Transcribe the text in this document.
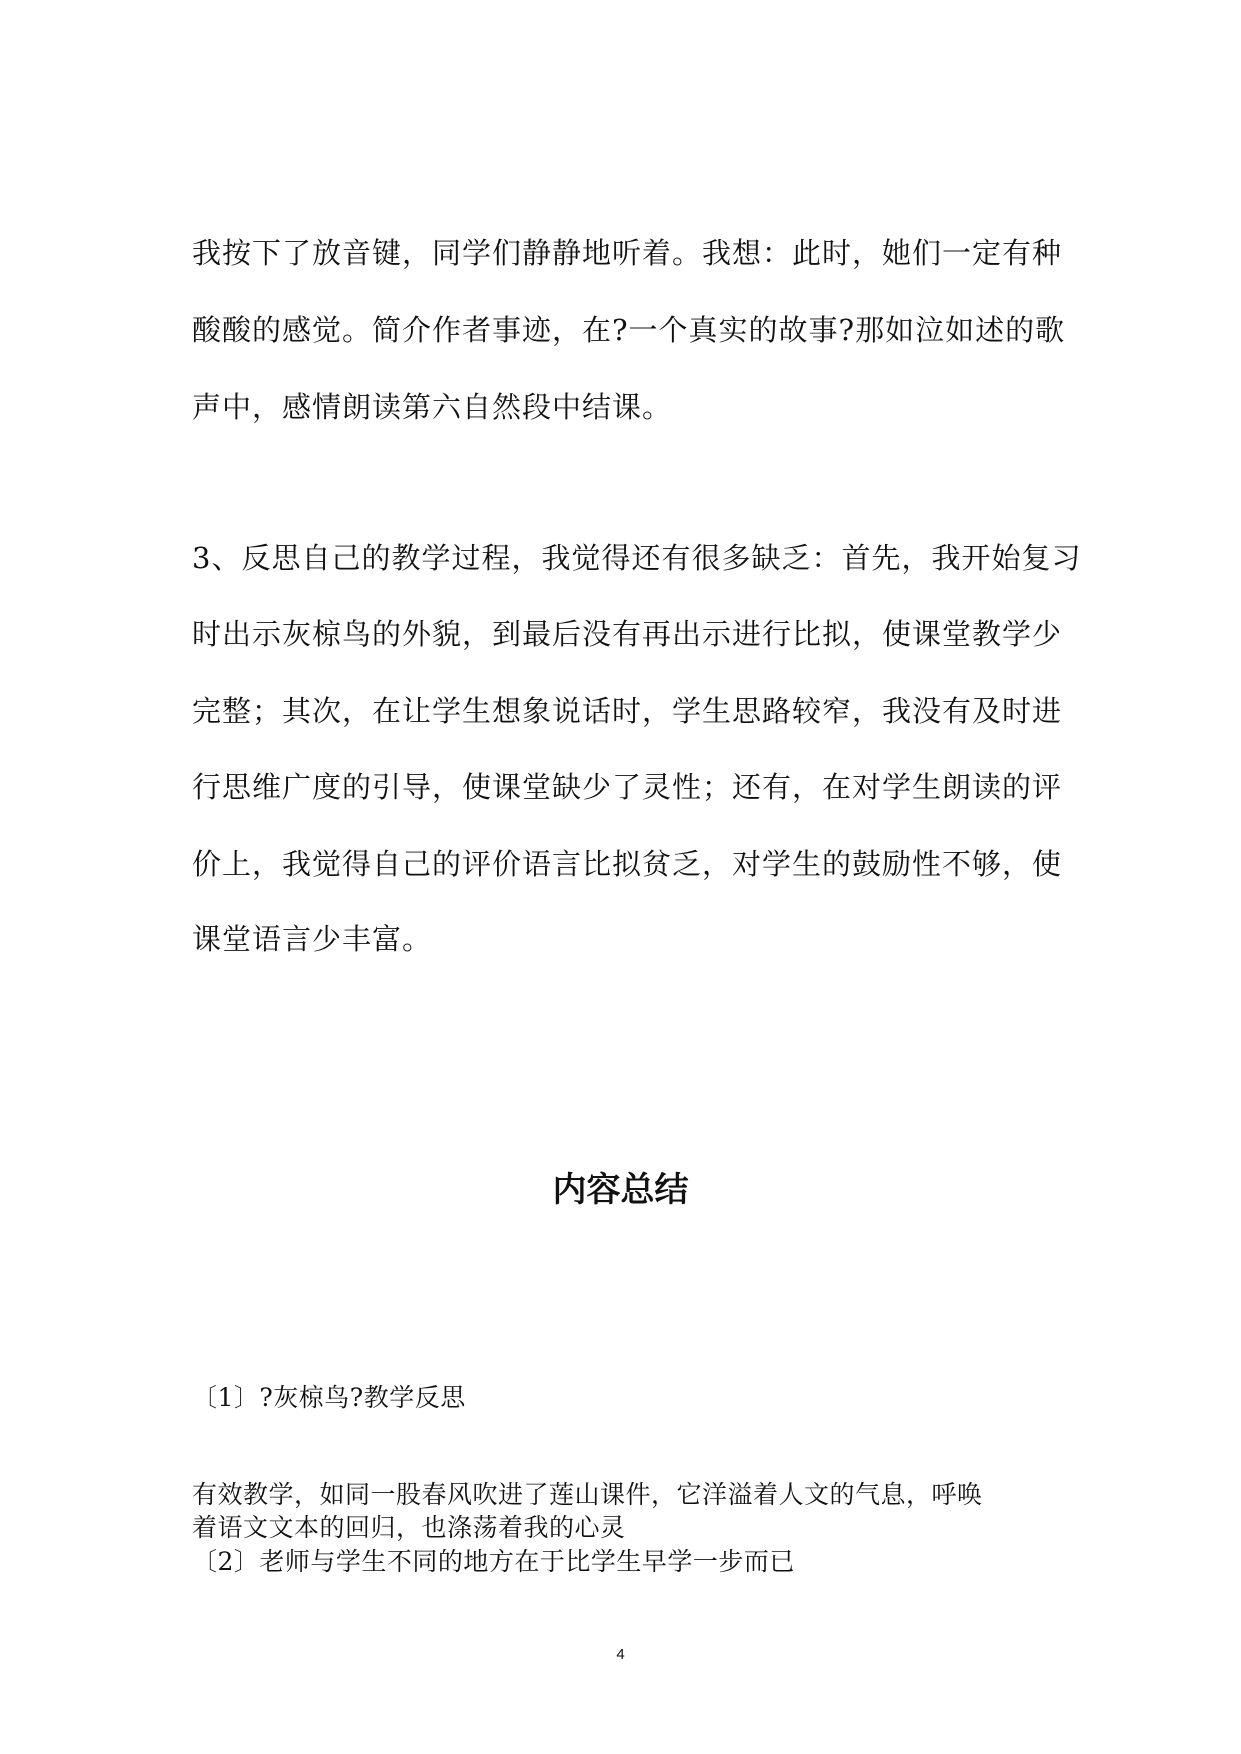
我按下了放音键，同学们静静地听着。我想：此时，她们一定有种
酸酸的感觉。简介作者事迹，在?一个真实的故事?那如泣如述的歌
声中，感情朗读第六自然段中结课。
3、反思自己的教学过程，我觉得还有很多缺乏：首先，我开始复习
时出示灰椋鸟的外貌，到最后没有再出示进行比拟，使课堂教学少
完整；其次，在让学生想象说话时，学生思路较窄，我没有及时进
行思维广度的引导，使课堂缺少了灵性；还有，在对学生朗读的评
价上，我觉得自己的评价语言比拟贫乏，对学生的鼓励性不够，使
课堂语言少丰富。
内容总结
〔1〕?灰椋鸟?教学反思
有效教学，如同一股春风吹进了莲山课件，它洋溢着人文的气息，呼唤
着语文文本的回归，也涤荡着我的心灵
〔2〕老师与学生不同的地方在于比学生早学一步而已
4
